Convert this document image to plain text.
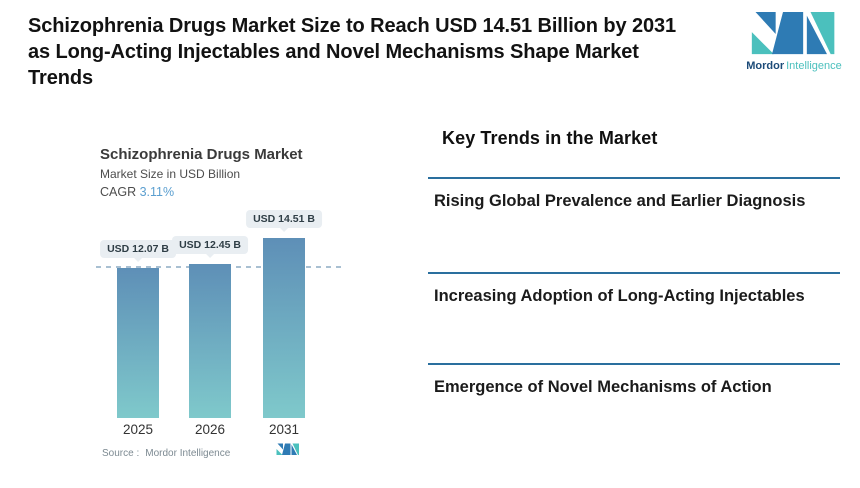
Schizophrenia Drugs Market Size to Reach USD 14.51 Billion by 2031
as Long-Acting Injectables and Novel Mechanisms Shape Market
Trends
Mordor Intelligence
Schizophrenia Drugs Market
Market Size in USD Billion
CAGR 3.11%
USD 12.07 B
2025
USD 12.45 B
2026
USD 14.51 B
2031
Source : Mordor Intelligence
Key Trends in the Market
Rising Global Prevalence and Earlier Diagnosis
Increasing Adoption of Long-Acting Injectables
Emergence of Novel Mechanisms of Action
